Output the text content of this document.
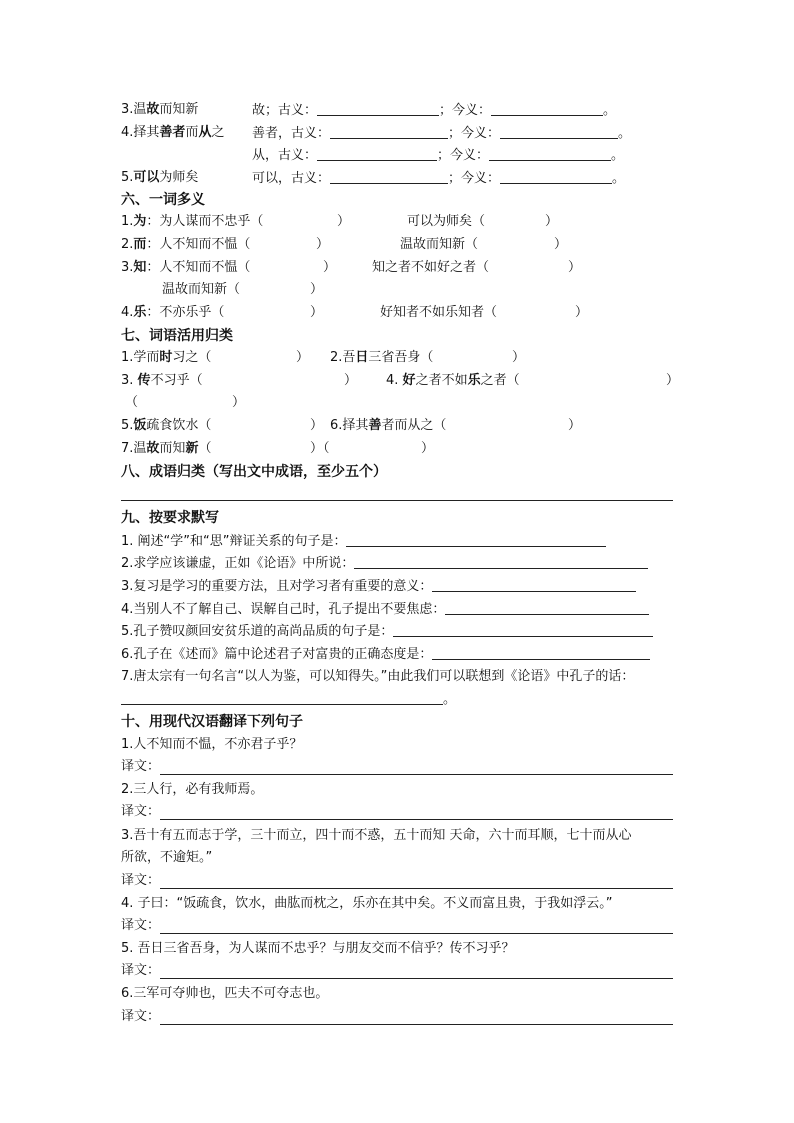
3.温故而知新	故；古义：	；今义：	。
4.择其善者而从之 善者，古义：	；今义：	。
从，古义：	；今义：	。
5.可以为师矣	可以，古义：	；今义：	。
六、一词多义
1.为：为人谋而不忠乎（	）	可以为师矣（	）
2.而：人不知而不愠（	）	温故而知新（	）
3.知：人不知而不愠（	）	知之者不如好之者（	）
温故而知新（	）
4.乐：不亦乐乎（	）	好知者不如乐知者（	）
七、词语活用归类
1.学而时习之（	） 2.吾日三省吾身（	）
3. 传不习乎（	） 4. 好之者不如乐之者（	）
（	）
5.饭疏食饮水（	） 6.择其善者而从之（	）
7.温故而知新（	）（	）
八、成语归类（写出文中成语，至少五个）
九、按要求默写
1. 阐述“学”和“思”辩证关系的句子是：
2.求学应该谦虚，正如《论语》中所说：
3.复习是学习的重要方法，且对学习者有重要的意义：
4.当别人不了解自己、误解自己时，孔子提出不要焦虑：
5.孔子赞叹颜回安贫乐道的高尚品质的句子是：
6.孔子在《述而》篇中论述君子对富贵的正确态度是：
7.唐太宗有一句名言“以人为鉴，可以知得失。”由此我们可以联想到《论语》中孔子的话：
。
十、用现代汉语翻译下列句子
1.人不知而不愠，不亦君子乎？
译文：
2.三人行，必有我师焉。
译文：
3.吾十有五而志于学，三十而立，四十而不惑，五十而知 天命，六十而耳顺，七十而从心
所欲，不逾矩。”
译文：
4. 子曰：“饭疏食，饮水，曲肱而枕之，乐亦在其中矣。不义而富且贵，于我如浮云。”
译文：
5. 吾日三省吾身，为人谋而不忠乎？与朋友交而不信乎？传不习乎？
译文：
6.三军可夺帅也，匹夫不可夺志也。
译文：
